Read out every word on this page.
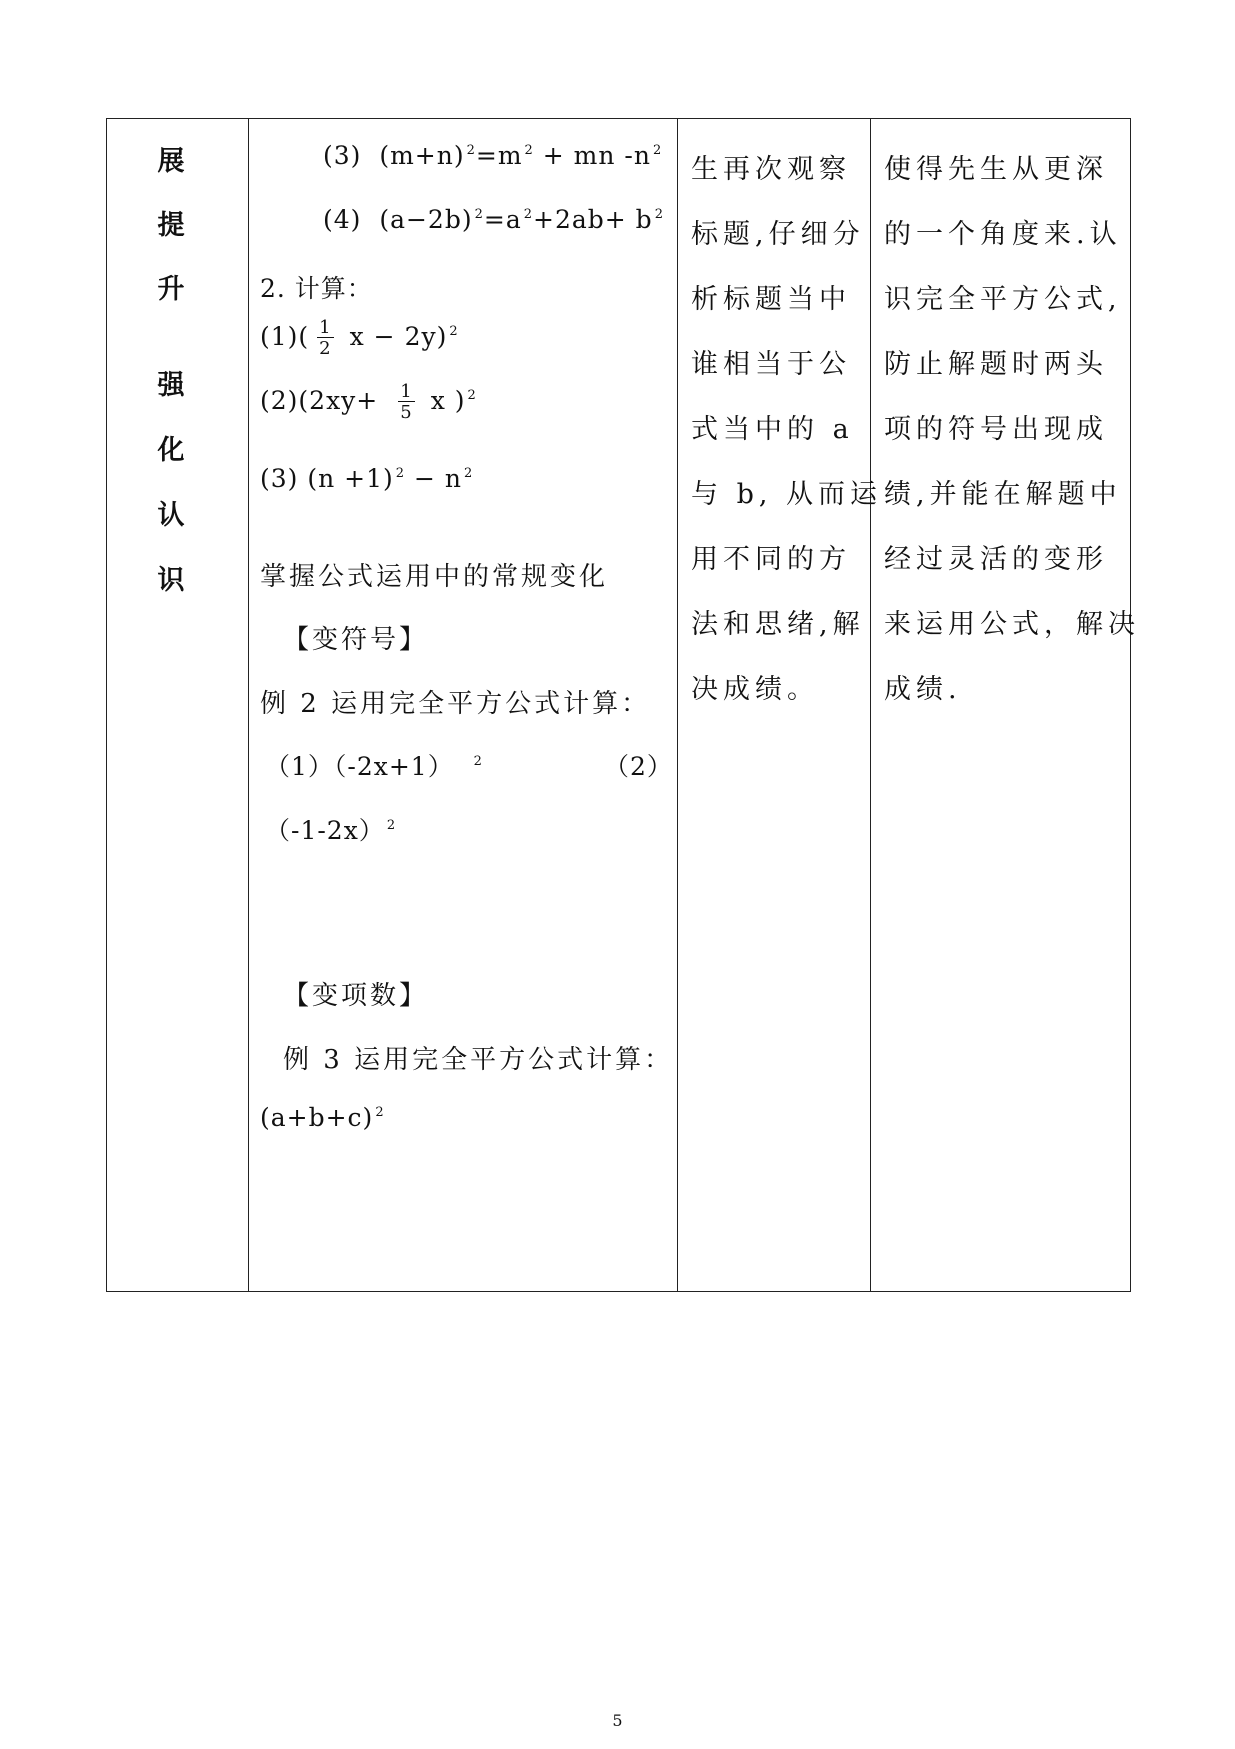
展
提
升
强
化
认
识
(3) (m+n) $^2$=m $^2$ + mn -n $^2$
(4) (a−2b) $^2$=a $^2$+2ab+ b $^2$
2. 计算：
$(1)( \frac{1}{2}$ x − 2y) $^2$
$(2)(2xy+ \frac{1}{5}$ x ) $^2$
(3) (n +1) $^2$ − n $^2$
掌握公式运用中的常规变化
【变符号】
例 2 运用完全平方公式计算：
（1）（-2x+1） $^2$	（2）
（-1-2x） $^2$
【变项数】
例 3 运用完全平方公式计算：
(a+b+c) $^2$
生再次观察
标题,仔细分
析标题当中
谁相当于公
式当中的 a
与 b, 从而运
用不同的方
法和思绪,解
决成绩。
使得先生从更深
的一个角度来.认
识完全平方公式,
防止解题时两头
项的符号出现成
绩,并能在解题中
经过灵活的变形
来运用公式，解决
成绩.
5
